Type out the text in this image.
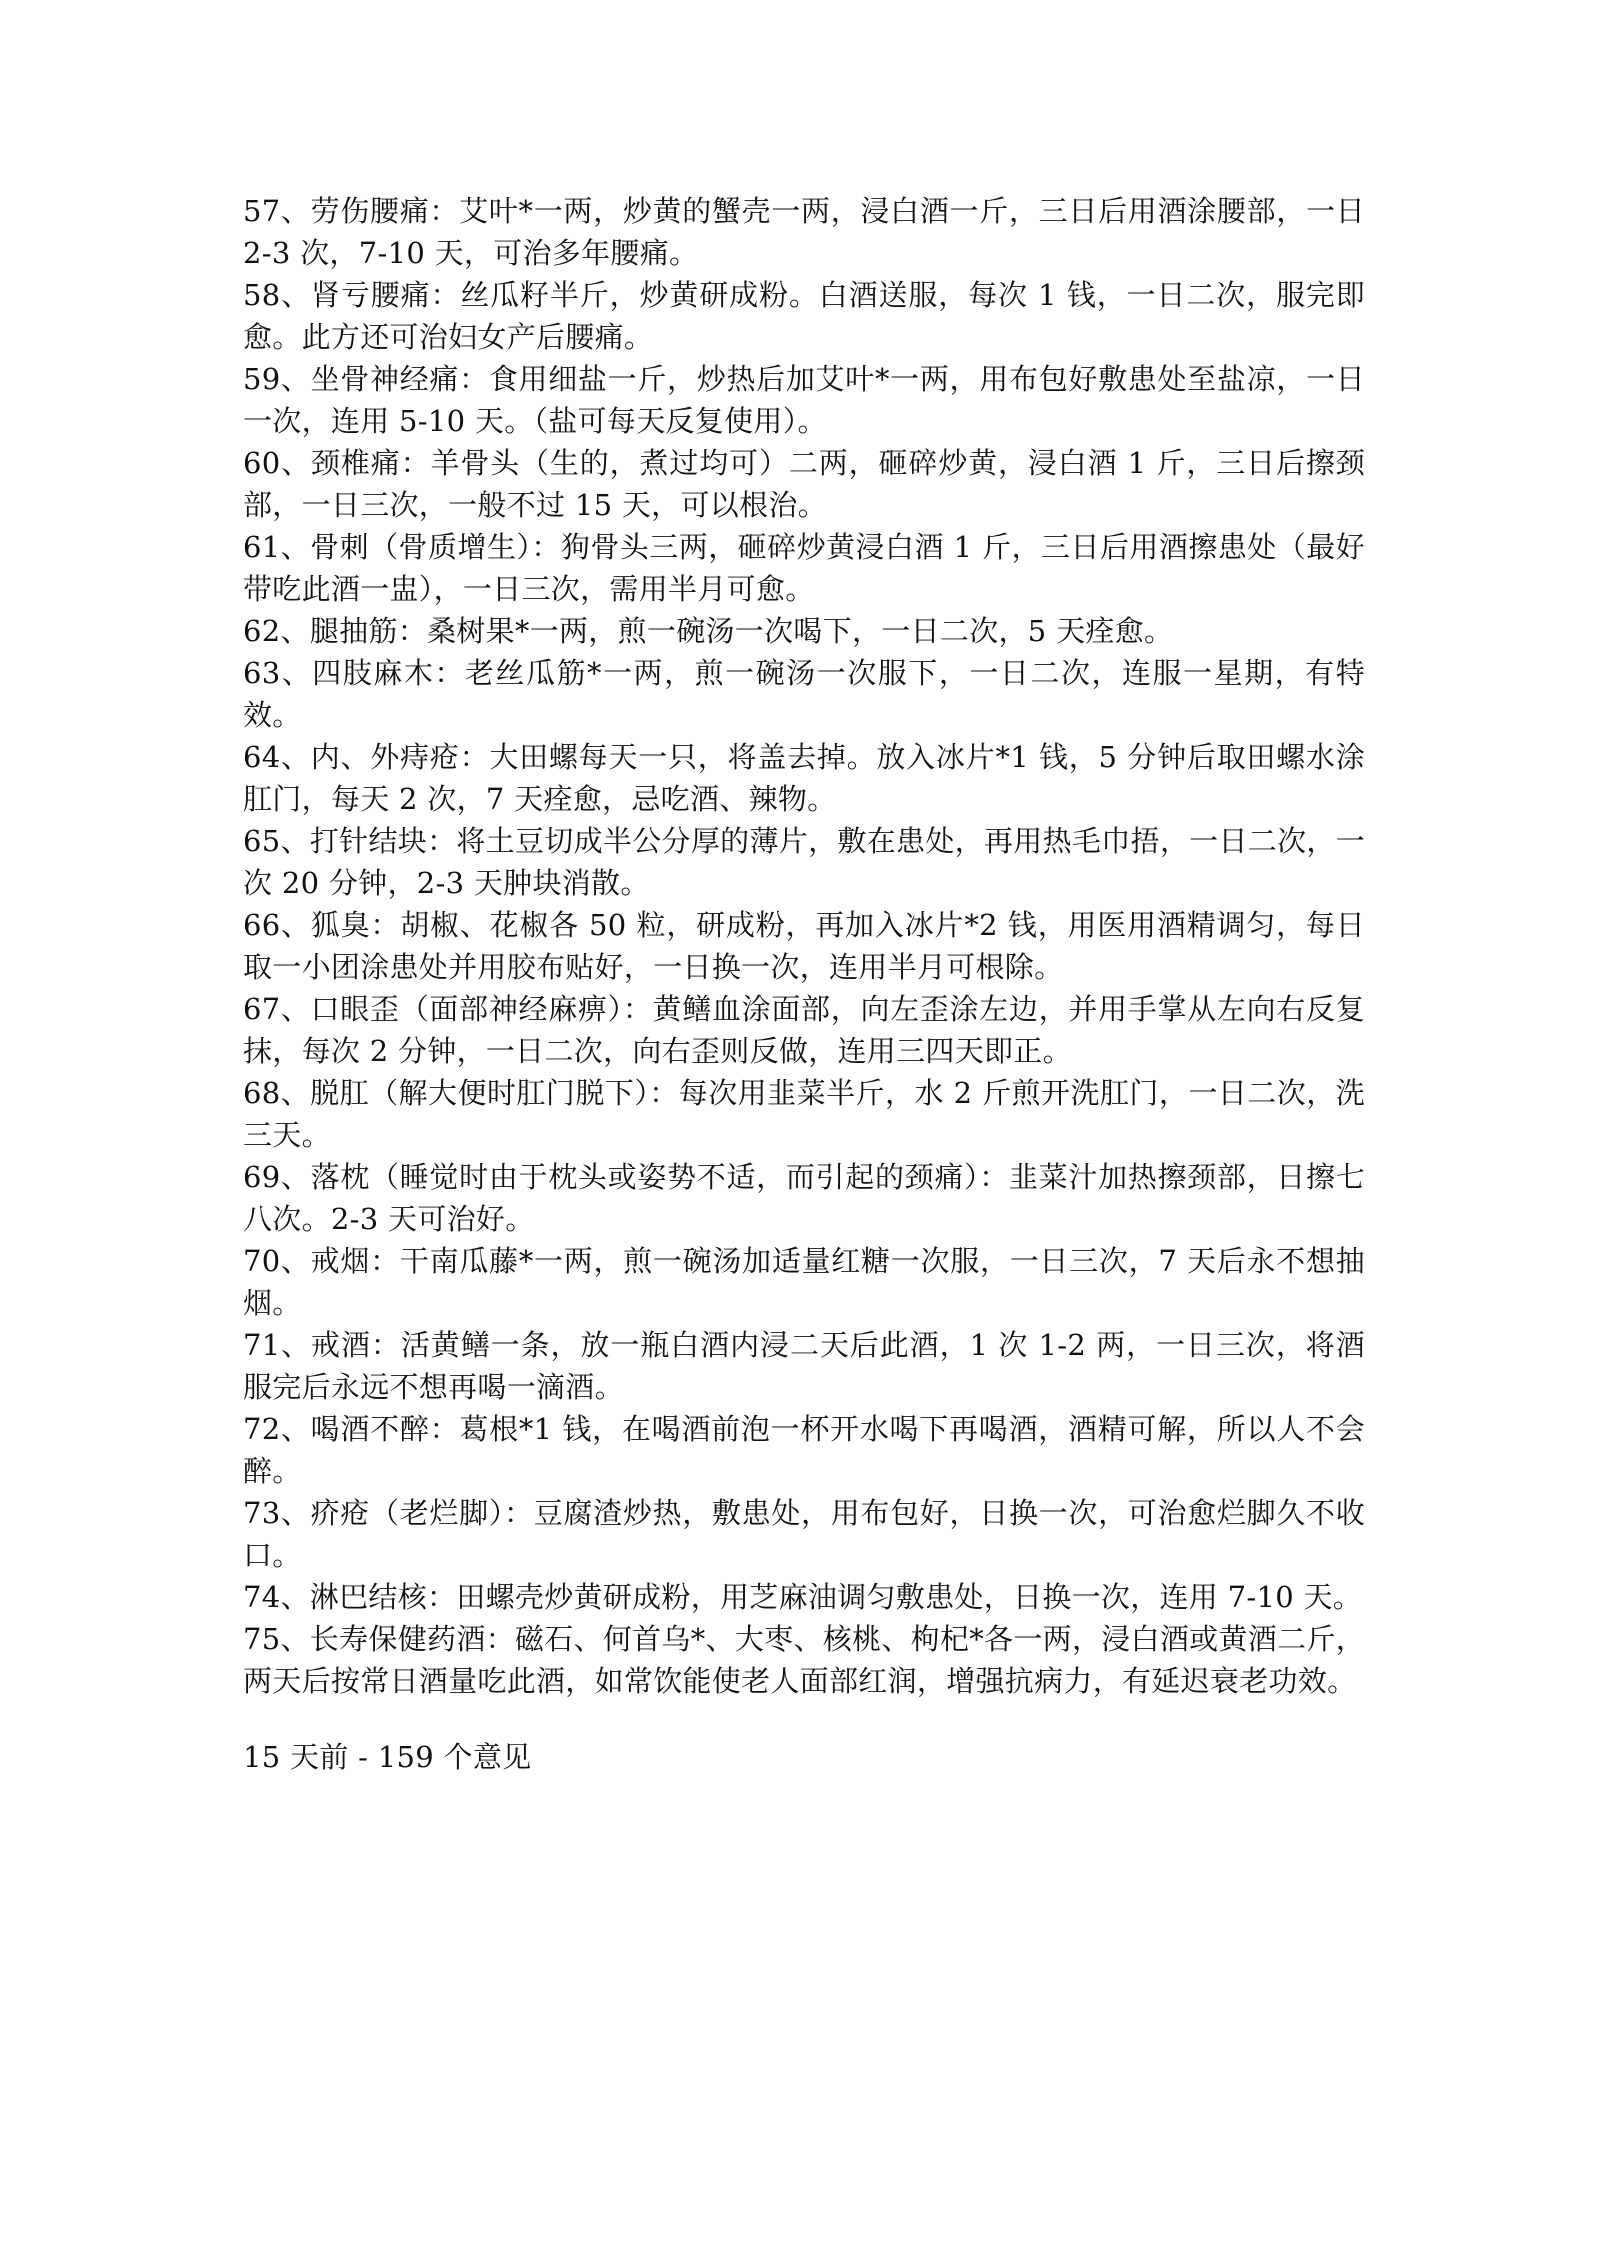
57、劳伤腰痛：艾叶*一两，炒黄的蟹壳一两，浸白酒一斤，三日后用酒涂腰部，一日 2-3 次，7-10 天，可治多年腰痛。

58、肾亏腰痛：丝瓜籽半斤，炒黄研成粉。白酒送服，每次 1 钱，一日二次，服完即愈。此方还可治妇女产后腰痛。

59、坐骨神经痛：食用细盐一斤，炒热后加艾叶*一两，用布包好敷患处至盐凉，一日一次，连用 5-10 天。（盐可每天反复使用）。

60、颈椎痛：羊骨头（生的，煮过均可）二两，砸碎炒黄，浸白酒 1 斤，三日后擦颈部，一日三次，一般不过 15 天，可以根治。

61、骨刺（骨质增生）：狗骨头三两，砸碎炒黄浸白酒 1 斤，三日后用酒擦患处（最好带吃此酒一盅），一日三次，需用半月可愈。

62、腿抽筋：桑树果*一两，煎一碗汤一次喝下，一日二次，5 天痊愈。

63、四肢麻木：老丝瓜筋*一两，煎一碗汤一次服下，一日二次，连服一星期，有特效。

64、内、外痔疮：大田螺每天一只，将盖去掉。放入冰片*1 钱，5 分钟后取田螺水涂肛门，每天 2 次，7 天痊愈，忌吃酒、辣物。

65、打针结块：将土豆切成半公分厚的薄片，敷在患处，再用热毛巾捂，一日二次，一次 20 分钟，2-3 天肿块消散。

66、狐臭：胡椒、花椒各 50 粒，研成粉，再加入冰片*2 钱，用医用酒精调匀，每日取一小团涂患处并用胶布贴好，一日换一次，连用半月可根除。

67、口眼歪（面部神经麻痹）：黄鳝血涂面部，向左歪涂左边，并用手掌从左向右反复抹，每次 2 分钟，一日二次，向右歪则反做，连用三四天即正。

68、脱肛（解大便时肛门脱下）：每次用韭菜半斤，水 2 斤煎开洗肛门，一日二次，洗三天。

69、落枕（睡觉时由于枕头或姿势不适，而引起的颈痛）：韭菜汁加热擦颈部，日擦七八次。2-3 天可治好。

70、戒烟：干南瓜藤*一两，煎一碗汤加适量红糖一次服，一日三次，7 天后永不想抽烟。

71、戒酒：活黄鳝一条，放一瓶白酒内浸二天后此酒，1 次 1-2 两，一日三次，将酒服完后永远不想再喝一滴酒。

72、喝酒不醉：葛根*1 钱，在喝酒前泡一杯开水喝下再喝酒，酒精可解，所以人不会醉。

73、疥疮（老烂脚）：豆腐渣炒热，敷患处，用布包好，日换一次，可治愈烂脚久不收口。

74、淋巴结核：田螺壳炒黄研成粉，用芝麻油调匀敷患处，日换一次，连用 7-10 天。

75、长寿保健药酒：磁石、何首乌*、大枣、核桃、枸杞*各一两，浸白酒或黄酒二斤，两天后按常日酒量吃此酒，如常饮能使老人面部红润，增强抗病力，有延迟衰老功效。

15 天前 - 159 个意见
